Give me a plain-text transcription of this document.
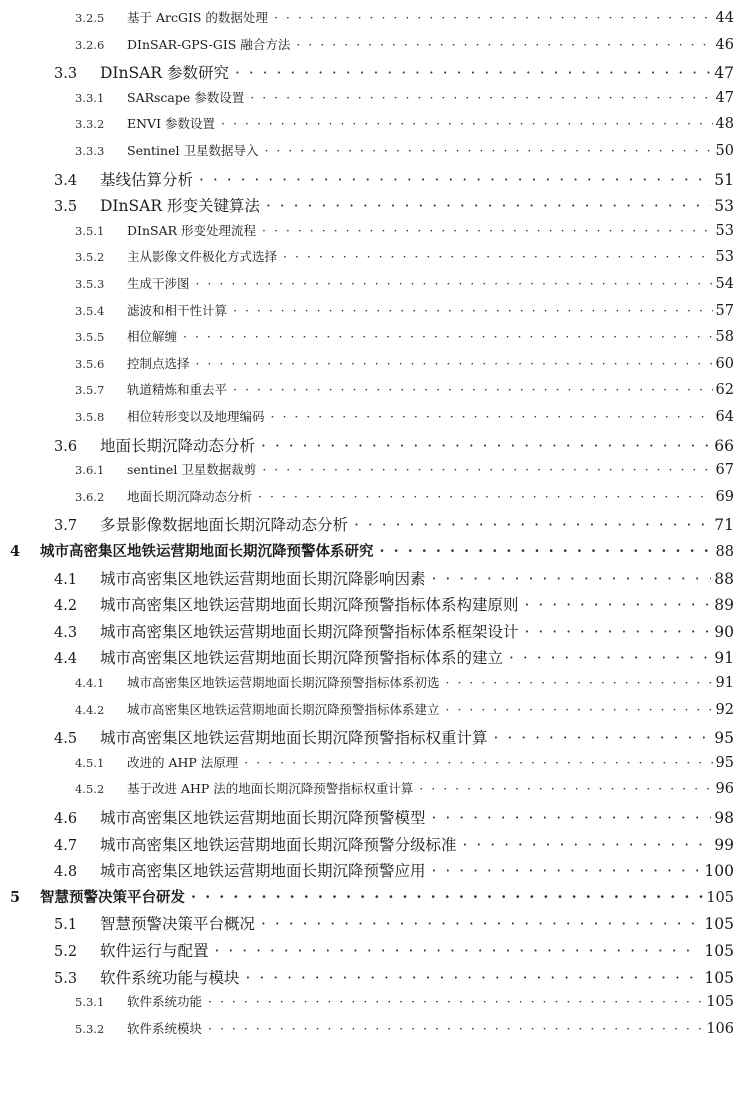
3.2.5	基于 ArcGIS 的数据处理 · · ·	44
3.2.6	DInSAR-GPS-GIS 融合方法 · · ·	46
3.3	DInSAR 参数研究 · · ·	47
3.3.1	SARscape 参数设置 · · ·	47
3.3.2	ENVI 参数设置 · · ·	48
3.3.3	Sentinel 卫星数据导入 · · ·	50
3.4	基线估算分析 · · ·	51
3.5	DInSAR 形变关键算法 · · ·	53
3.5.1	DInSAR 形变处理流程 · · ·	53
3.5.2	主从影像文件极化方式选择 · · ·	53
3.5.3	生成干涉图 · · ·	54
3.5.4	滤波和相干性计算 · · ·	57
3.5.5	相位解缠 · · ·	58
3.5.6	控制点选择 · · ·	60
3.5.7	轨道精炼和重去平 · · ·	62
3.5.8	相位转形变以及地理编码 · · ·	64
3.6	地面长期沉降动态分析 · · ·	66
3.6.1	sentinel 卫星数据裁剪 · · ·	67
3.6.2	地面长期沉降动态分析 · · ·	69
3.7	多景影像数据地面长期沉降动态分析 · · ·	71
4	城市高密集区地铁运营期地面长期沉降预警体系研究 · · ·	88
4.1	城市高密集区地铁运营期地面长期沉降影响因素 · · ·	88
4.2	城市高密集区地铁运营期地面长期沉降预警指标体系构建原则 · · ·	89
4.3	城市高密集区地铁运营期地面长期沉降预警指标体系框架设计 · · ·	90
4.4	城市高密集区地铁运营期地面长期沉降预警指标体系的建立 · · ·	91
4.4.1	城市高密集区地铁运营期地面长期沉降预警指标体系初选 · · ·	91
4.4.2	城市高密集区地铁运营期地面长期沉降预警指标体系建立 · · ·	92
4.5	城市高密集区地铁运营期地面长期沉降预警指标权重计算 · · ·	95
4.5.1	改进的 AHP 法原理 · · ·	95
4.5.2	基于改进 AHP 法的地面长期沉降预警指标权重计算 · · ·	96
4.6	城市高密集区地铁运营期地面长期沉降预警模型 · · ·	98
4.7	城市高密集区地铁运营期地面长期沉降预警分级标准 · · ·	99
4.8	城市高密集区地铁运营期地面长期沉降预警应用 · · ·	100
5	智慧预警决策平台研发 · · ·	105
5.1	智慧预警决策平台概况 · · ·	105
5.2	软件运行与配置 · · ·	105
5.3	软件系统功能与模块 · · ·	105
5.3.1	软件系统功能 · · ·	105
5.3.2	软件系统模块 · · ·	106
